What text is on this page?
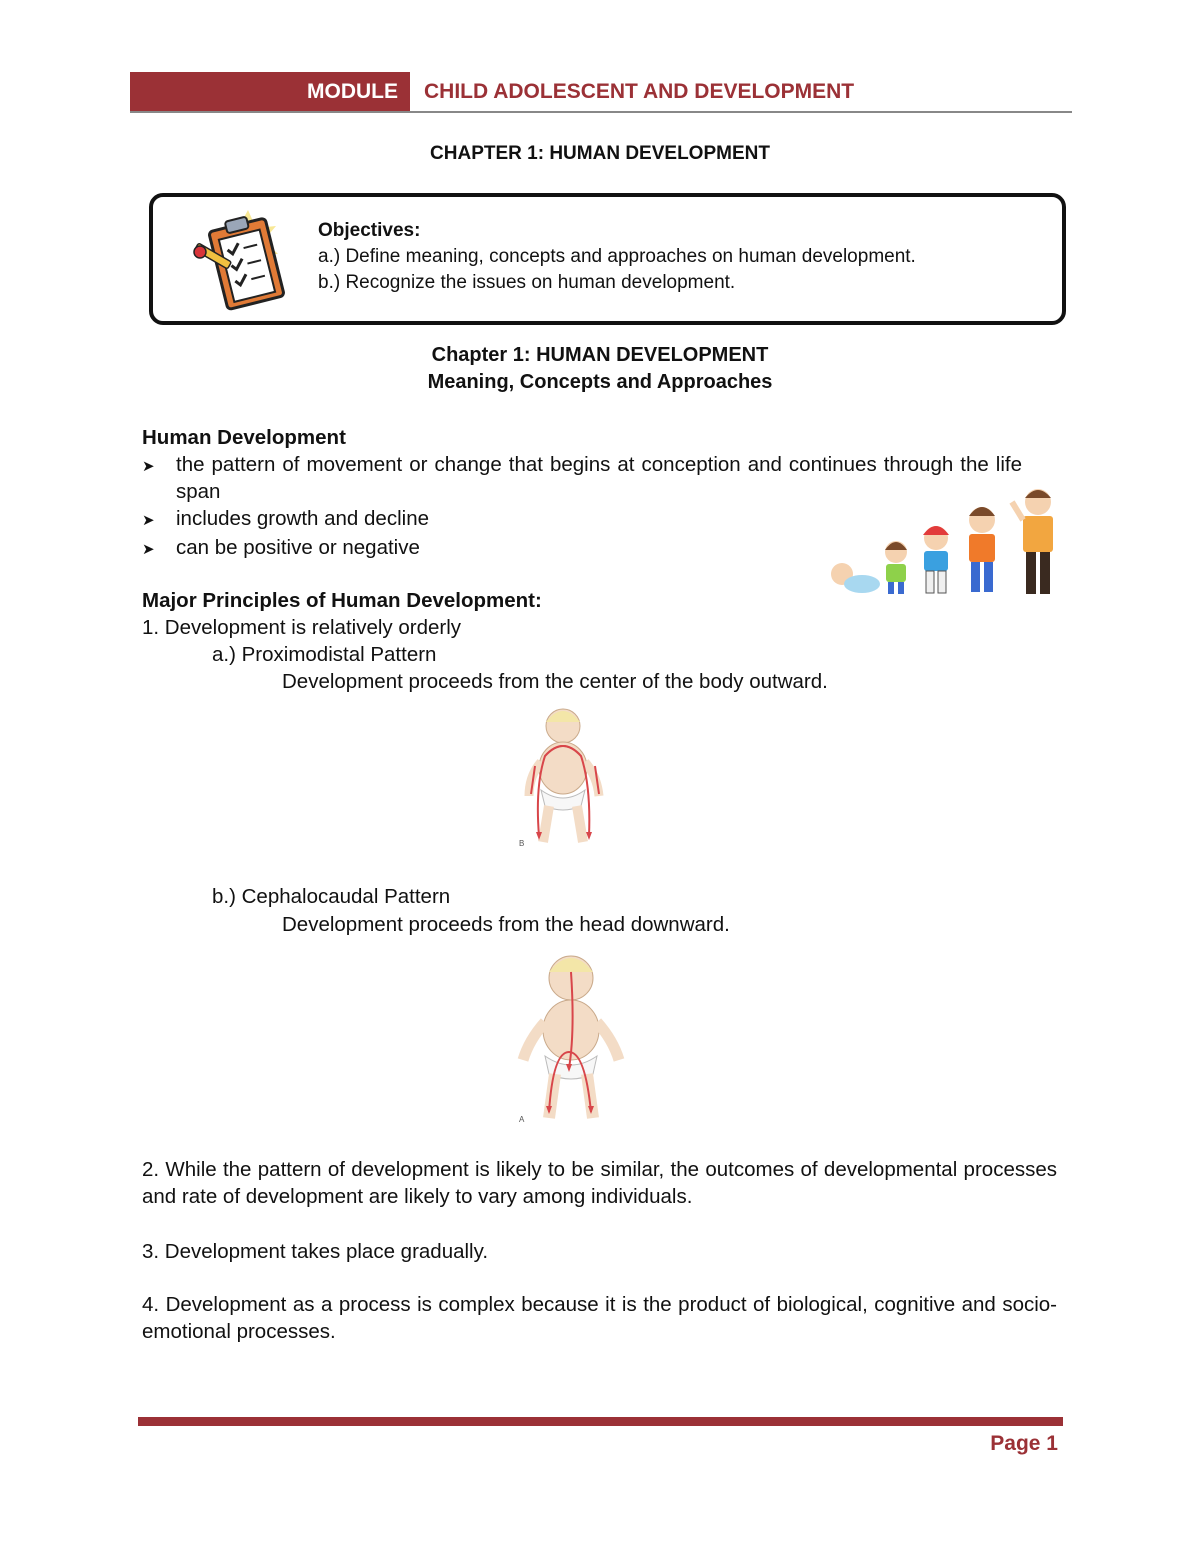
MODULE	CHILD ADOLESCENT AND DEVELOPMENT
CHAPTER 1: HUMAN DEVELOPMENT
Objectives:
a.) Define meaning, concepts and approaches on human development.
b.) Recognize the issues on human development.
Chapter 1: HUMAN DEVELOPMENT
Meaning, Concepts and Approaches
Human Development
➤	the pattern of movement or change that begins at conception and continues through the life span
➤	includes growth and decline
➤	can be positive or negative
Major Principles of Human Development:
1. Development is relatively orderly
a.) Proximodistal Pattern
Development proceeds from the center of the body outward.
B
b.) Cephalocaudal Pattern
Development proceeds from the head downward.
A
2. While the pattern of development is likely to be similar, the outcomes of developmental processes and rate of development are likely to vary among individuals.
3. Development takes place gradually.
4. Development as a process is complex because it is the product of biological, cognitive and socio- emotional processes.
Page 1
